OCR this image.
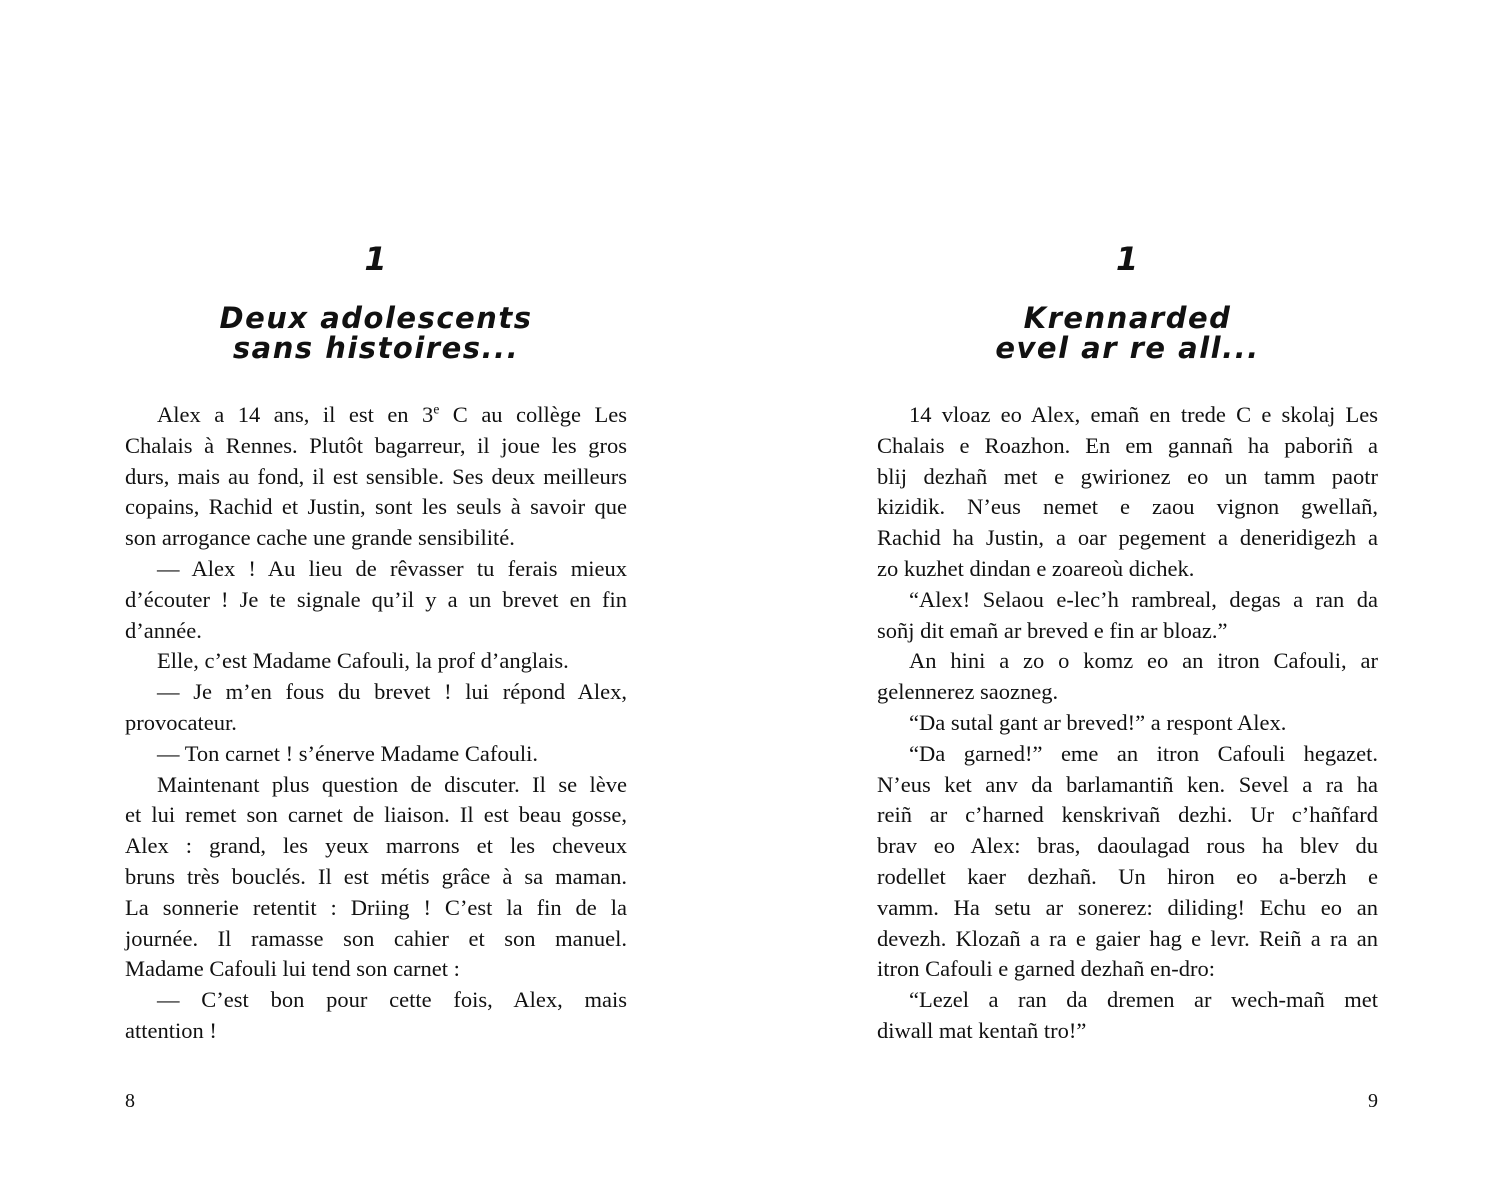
1
Deux adolescents
sans histoires...
Alex a 14 ans, il est en 3e C au collège Les
Chalais à Rennes. Plutôt bagarreur, il joue les gros
durs, mais au fond, il est sensible. Ses deux meilleurs
copains, Rachid et Justin, sont les seuls à savoir que
son arrogance cache une grande sensibilité.
— Alex ! Au lieu de rêvasser tu ferais mieux
d’écouter ! Je te signale qu’il y a un brevet en fin
d’année.
Elle, c’est Madame Cafouli, la prof d’anglais.
— Je m’en fous du brevet ! lui répond Alex,
provocateur.
— Ton carnet ! s’énerve Madame Cafouli.
Maintenant plus question de discuter. Il se lève
et lui remet son carnet de liaison. Il est beau gosse,
Alex : grand, les yeux marrons et les cheveux
bruns très bouclés. Il est métis grâce à sa maman.
La sonnerie retentit : Driing ! C’est la fin de la
journée. Il ramasse son cahier et son manuel.
Madame Cafouli lui tend son carnet :
— C’est bon pour cette fois, Alex, mais
attention !
8
1
Krennarded
evel ar re all...
14 vloaz eo Alex, emañ en trede C e skolaj Les
Chalais e Roazhon. En em gannañ ha paboriñ a
blij dezhañ met e gwirionez eo un tamm paotr
kizidik. N’eus nemet e zaou vignon gwellañ,
Rachid ha Justin, a oar pegement a deneridigezh a
zo kuzhet dindan e zoareoù dichek.
“Alex! Selaou e-lec’h rambreal, degas a ran da
soñj dit emañ ar breved e fin ar bloaz.”
An hini a zo o komz eo an itron Cafouli, ar
gelennerez saozneg.
“Da sutal gant ar breved!” a respont Alex.
“Da garned!” eme an itron Cafouli hegazet.
N’eus ket anv da barlamantiñ ken. Sevel a ra ha
reiñ ar c’harned kenskrivañ dezhi. Ur c’hañfard
brav eo Alex: bras, daoulagad rous ha blev du
rodellet kaer dezhañ. Un hiron eo a-berzh e
vamm. Ha setu ar sonerez: diliding! Echu eo an
devezh. Klozañ a ra e gaier hag e levr. Reiñ a ra an
itron Cafouli e garned dezhañ en-dro:
“Lezel a ran da dremen ar wech-mañ met
diwall mat kentañ tro!”
9
